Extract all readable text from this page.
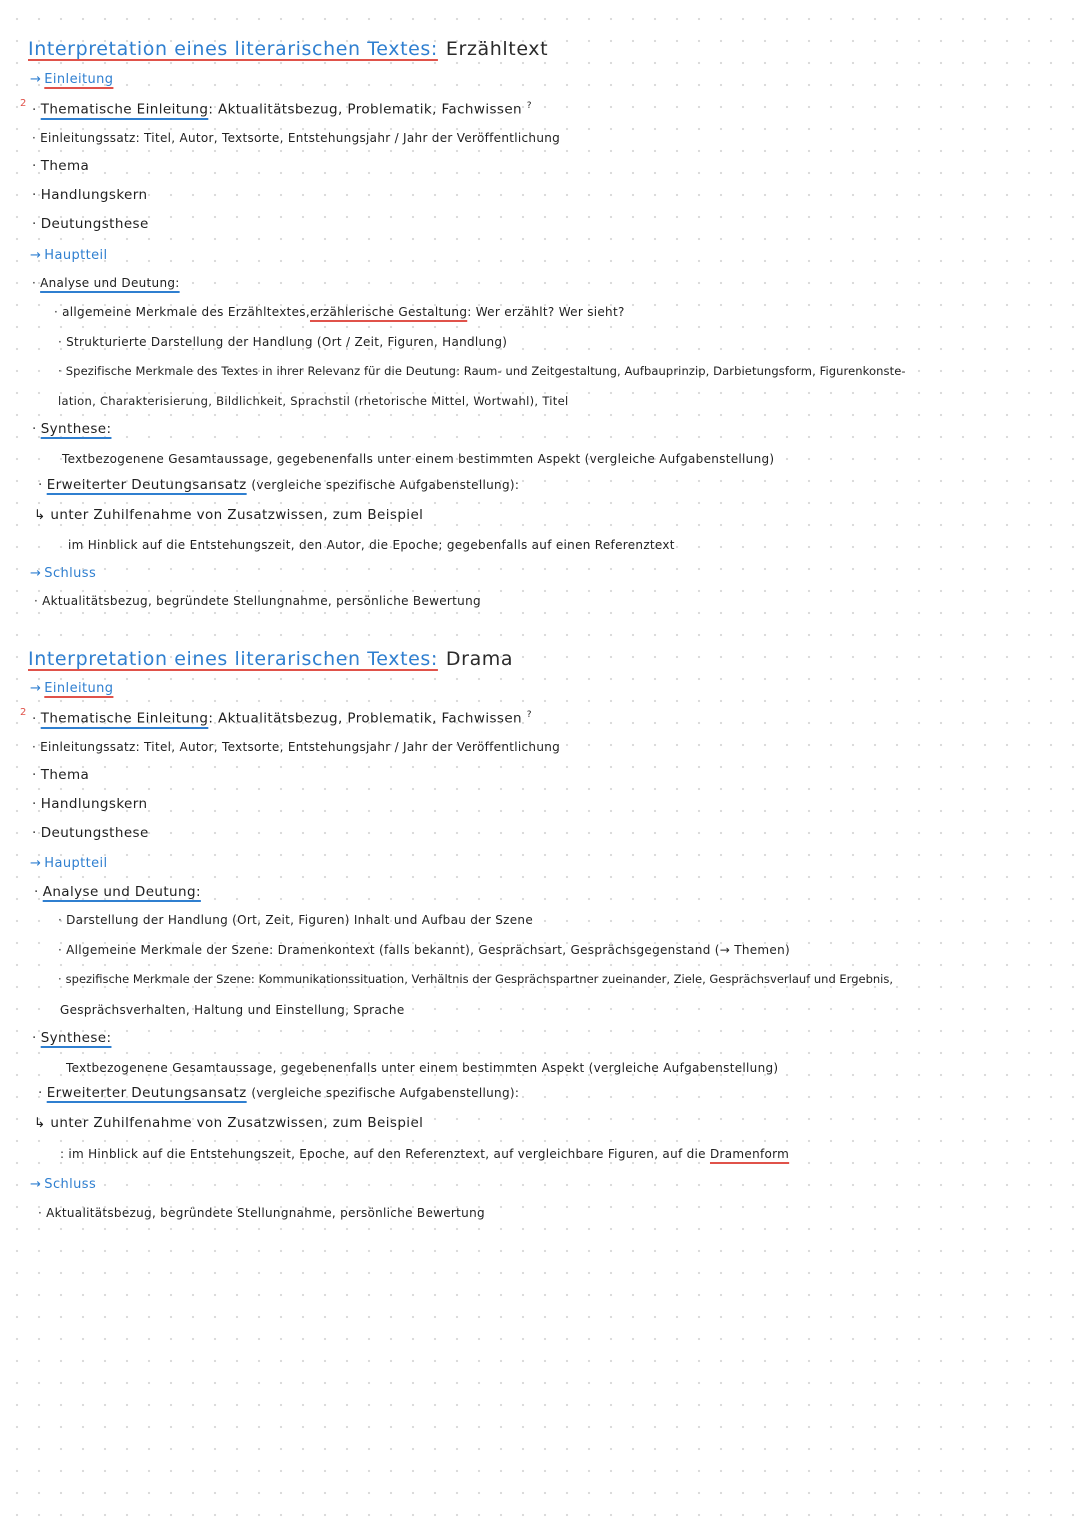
Interpretation eines literarischen Textes: Erzähltext
→ Einleitung
2 · Thematische Einleitung: Aktualitätsbezug, Problematik, Fachwissen ?
· Einleitungssatz: Titel, Autor, Textsorte, Entstehungsjahr / Jahr der Veröffentlichung
· Thema
· Handlungskern
· Deutungsthese
→ Hauptteil
· Analyse und Deutung:
· allgemeine Merkmale des Erzähltextes,erzählerische Gestaltung: Wer erzählt? Wer sieht?
· Strukturierte Darstellung der Handlung (Ort / Zeit, Figuren, Handlung)
· Spezifische Merkmale des Textes in ihrer Relevanz für die Deutung: Raum- und Zeitgestaltung, Aufbauprinzip, Darbietungsform, Figurenkonste-
lation, Charakterisierung, Bildlichkeit, Sprachstil (rhetorische Mittel, Wortwahl), Titel
· Synthese:
Textbezogenene Gesamtaussage, gegebenenfalls unter einem bestimmten Aspekt (vergleiche Aufgabenstellung)
· Erweiterter Deutungsansatz (vergleiche spezifische Aufgabenstellung):
↳ unter Zuhilfenahme von Zusatzwissen, zum Beispiel
im Hinblick auf die Entstehungszeit, den Autor, die Epoche; gegebenfalls auf einen Referenztext
→ Schluss
· Aktualitätsbezug, begründete Stellungnahme, persönliche Bewertung
Interpretation eines literarischen Textes: Drama
→ Einleitung
2 · Thematische Einleitung: Aktualitätsbezug, Problematik, Fachwissen ?
· Einleitungssatz: Titel, Autor, Textsorte, Entstehungsjahr / Jahr der Veröffentlichung
· Thema
· Handlungskern
· Deutungsthese
→ Hauptteil
· Analyse und Deutung:
· Darstellung der Handlung (Ort, Zeit, Figuren) Inhalt und Aufbau der Szene
· Allgemeine Merkmale der Szene: Dramenkontext (falls bekannt), Gesprächsart, Gesprächsgegenstand (→ Themen)
· spezifische Merkmale der Szene: Kommunikationssituation, Verhältnis der Gesprächspartner zueinander, Ziele, Gesprächsverlauf und Ergebnis,
Gesprächsverhalten, Haltung und Einstellung, Sprache
· Synthese:
Textbezogenene Gesamtaussage, gegebenenfalls unter einem bestimmten Aspekt (vergleiche Aufgabenstellung)
· Erweiterter Deutungsansatz (vergleiche spezifische Aufgabenstellung):
↳ unter Zuhilfenahme von Zusatzwissen, zum Beispiel
: im Hinblick auf die Entstehungszeit, Epoche, auf den Referenztext, auf vergleichbare Figuren, auf die Dramenform
→ Schluss
· Aktualitätsbezug, begründete Stellungnahme, persönliche Bewertung
